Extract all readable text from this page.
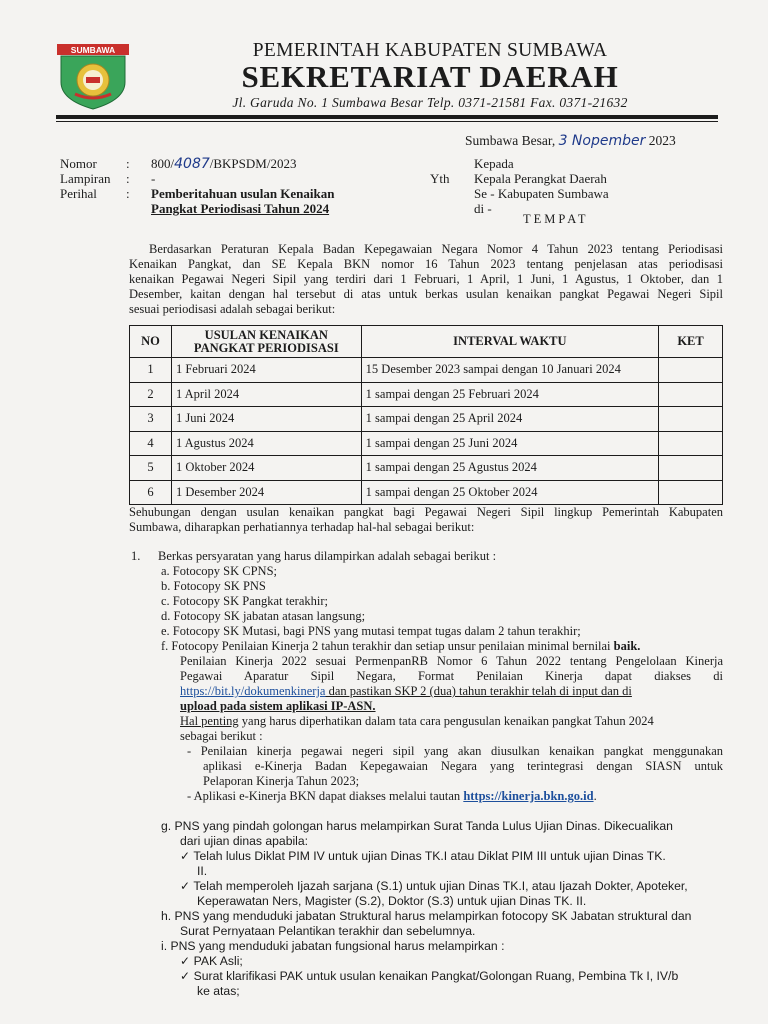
SUMBAWA	PEMERINTAH KABUPATEN SUMBAWA
SEKRETARIAT DAERAH
Jl. Garuda No. 1 Sumbawa Besar Telp. 0371-21581 Fax. 0371-21632
Sumbawa Besar, 3 Nopember 2023
Nomor	:	800/4087/BKPSDM/2023
Lampiran	:	-
Perihal	:	Pemberitahuan usulan Kenaikan
Pangkat Periodisasi Tahun 2024
Kepada
Yth	Kepala Perangkat Daerah
Se - Kabupaten Sumbawa
di -
TEMPAT
Berdasarkan Peraturan Kepala Badan Kepegawaian Negara Nomor 4 Tahun 2023 tentang Periodisasi
Kenaikan Pangkat, dan SE Kepala BKN nomor 16 Tahun 2023 tentang penjelasan atas periodisasi
kenaikan Pegawai Negeri Sipil yang terdiri dari 1 Februari, 1 April, 1 Juni, 1 Agustus, 1 Oktober, dan 1
Desember, kaitan dengan hal tersebut di atas untuk berkas usulan kenaikan pangkat Pegawai Negeri Sipil
sesuai periodisasi adalah sebagai berikut:
NO	USULAN KENAIKAN PANGKAT PERIODISASI	INTERVAL WAKTU	KET
1	1 Februari 2024	15 Desember 2023 sampai dengan 10 Januari 2024	
2	1 April 2024	1 sampai dengan 25 Februari 2024	
3	1 Juni 2024	1 sampai dengan 25 April 2024	
4	1 Agustus 2024	1 sampai dengan 25 Juni 2024	
5	1 Oktober 2024	1 sampai dengan 25 Agustus 2024	
6	1 Desember 2024	1 sampai dengan 25 Oktober 2024	
Sehubungan dengan usulan kenaikan pangkat bagi Pegawai Negeri Sipil lingkup Pemerintah Kabupaten
Sumbawa, diharapkan perhatiannya terhadap hal-hal sebagai berikut:
1. Berkas persyaratan yang harus dilampirkan adalah sebagai berikut :
a. Fotocopy SK CPNS;
b. Fotocopy SK PNS
c. Fotocopy SK Pangkat terakhir;
d. Fotocopy SK jabatan atasan langsung;
e. Fotocopy SK Mutasi, bagi PNS yang mutasi tempat tugas dalam 2 tahun terakhir;
f. Fotocopy Penilaian Kinerja 2 tahun terakhir dan setiap unsur penilaian minimal bernilai baik.
Penilaian Kinerja 2022 sesuai PermenpanRB Nomor 6 Tahun 2022 tentang Pengelolaan Kinerja
Pegawai Aparatur Sipil Negara, Format Penilaian Kinerja dapat diakses di
https://bit.ly/dokumenkinerja dan pastikan SKP 2 (dua) tahun terakhir telah di input dan di
upload pada sistem aplikasi IP-ASN.
Hal penting yang harus diperhatikan dalam tata cara pengusulan kenaikan pangkat Tahun 2024
sebagai berikut :
- Penilaian kinerja pegawai negeri sipil yang akan diusulkan kenaikan pangkat menggunakan
aplikasi e-Kinerja Badan Kepegawaian Negara yang terintegrasi dengan SIASN untuk
Pelaporan Kinerja Tahun 2023;
- Aplikasi e-Kinerja BKN dapat diakses melalui tautan https://kinerja.bkn.go.id.
g. PNS yang pindah golongan harus melampirkan Surat Tanda Lulus Ujian Dinas. Dikecualikan
dari ujian dinas apabila:
✓ Telah lulus Diklat PIM IV untuk ujian Dinas TK.I atau Diklat PIM III untuk ujian Dinas TK.
II.
✓ Telah memperoleh Ijazah sarjana (S.1) untuk ujian Dinas TK.I, atau Ijazah Dokter, Apoteker,
Keperawatan Ners, Magister (S.2), Doktor (S.3) untuk ujian Dinas TK. II.
h. PNS yang menduduki jabatan Struktural harus melampirkan fotocopy SK Jabatan struktural dan
Surat Pernyataan Pelantikan terakhir dan sebelumnya.
i. PNS yang menduduki jabatan fungsional harus melampirkan :
✓ PAK Asli;
✓ Surat klarifikasi PAK untuk usulan kenaikan Pangkat/Golongan Ruang, Pembina Tk I, IV/b
ke atas;
